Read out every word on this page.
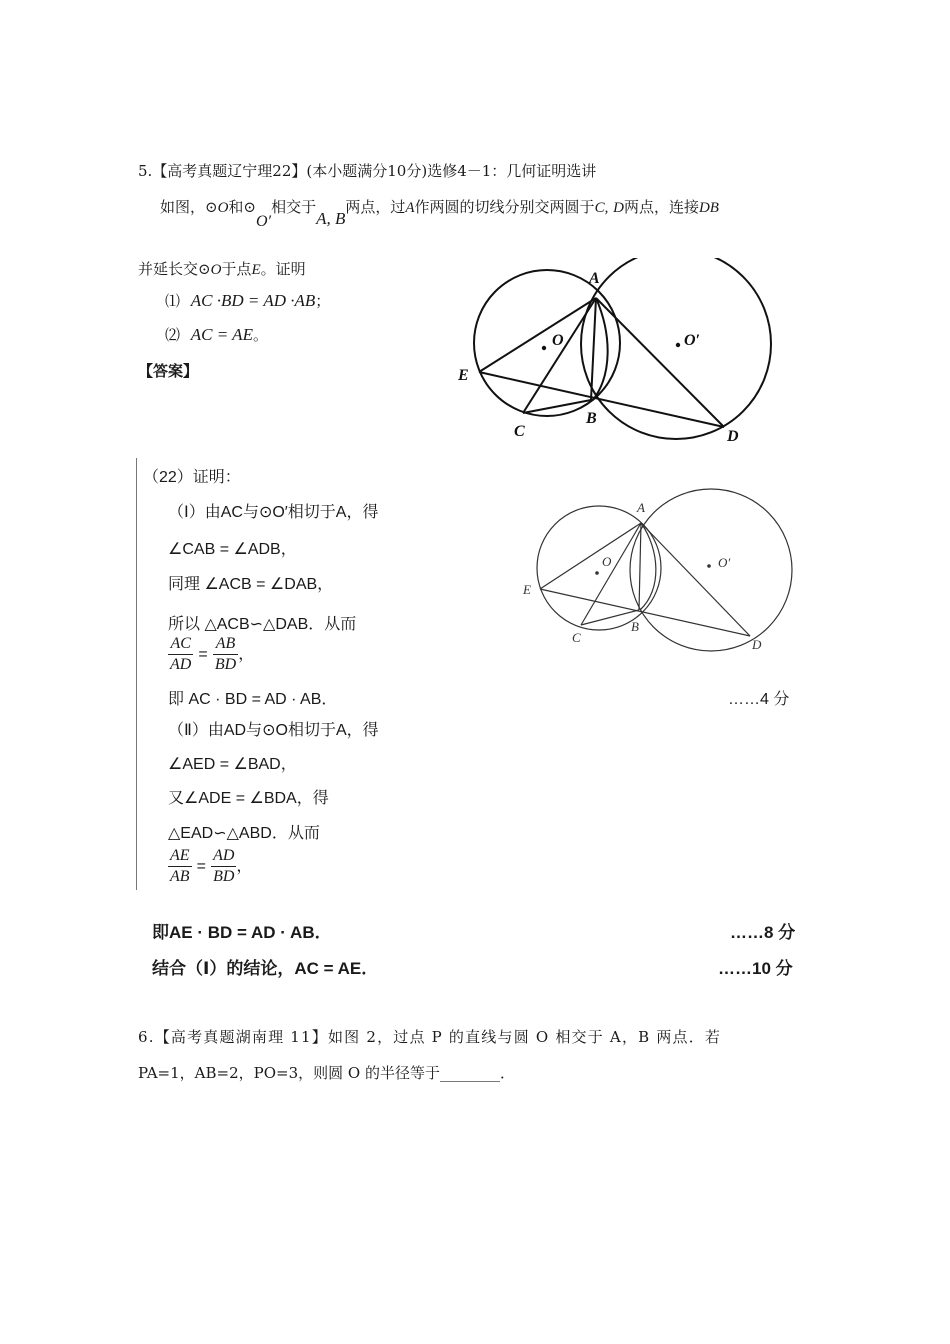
5.【高考真题辽宁理22】(本小题满分10分)选修4－1：几何证明选讲
如图，⊙O和⊙O′相交于A, B两点，过A作两圆的切线分别交两圆于C, D两点，连接DB
并延长交⊙O于点E。证明
⑴ AC ·BD = AD ·AB；
⑵ AC = AE。
【答案】
A
B
C	D
E
O	O′
（22）证明：
（Ⅰ）由AC与⊙O′相切于A，得
∠CAB = ∠ADB，
同理 ∠ACB = ∠DAB，
所以 △ACB∽△DAB．从而
$\frac{AC}{AD} = \frac{AB}{BD}$ ，
即 AC · BD = AD · AB．	……4 分
（Ⅱ）由AD与⊙O相切于A，得
∠AED = ∠BAD，
又∠ADE = ∠BDA，得
△EAD∽△ABD．从而
$\frac{AE}{AB} = \frac{AD}{BD}$ ，
即AE · BD = AD · AB．	……8 分
结合（Ⅰ）的结论，AC = AE．	……10 分
A
B
C	D
E
O	O′
6.【高考真题湖南理 11】如图 2，过点 P 的直线与圆 O 相交于 A，B 两点．若
PA=1，AB=2，PO=3，则圆 O 的半径等于________．
